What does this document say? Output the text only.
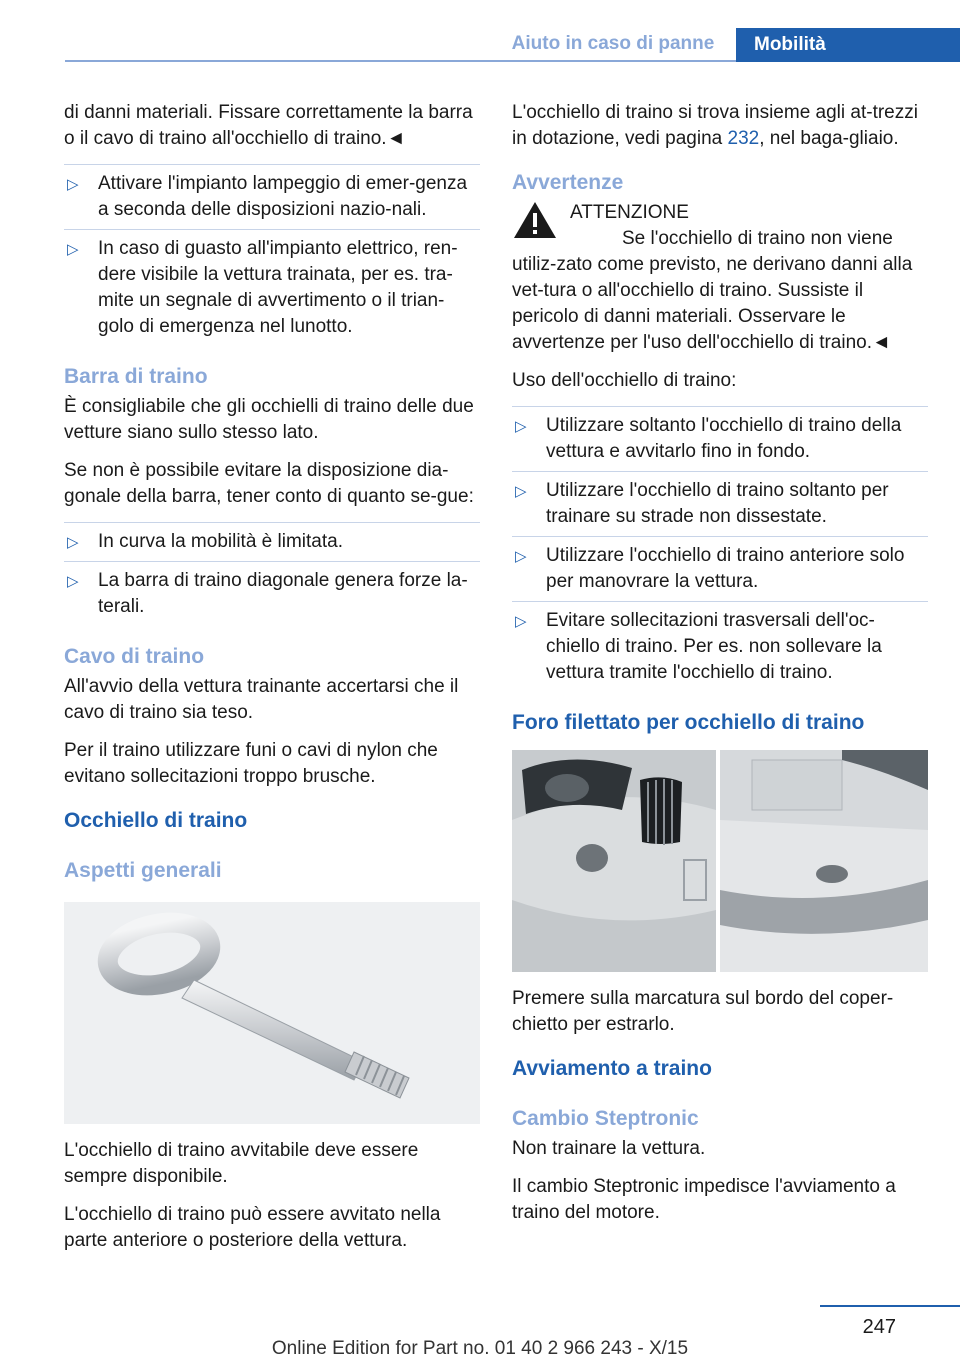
Aiuto in caso di panne	Mobilità

di danni materiali. Fissare correttamente la barra o il cavo di traino all'occhiello di traino.◄

▷ Attivare l'impianto lampeggio di emer-genza a seconda delle disposizioni nazio-nali.
▷ In caso di guasto all'impianto elettrico, ren-dere visibile la vettura trainata, per es. tra-mite un segnale di avvertimento o il trian-golo di emergenza nel lunotto.
Barra di traino

È consigliabile che gli occhielli di traino delle due vetture siano sullo stesso lato.

Se non è possibile evitare la disposizione dia-gonale della barra, tener conto di quanto se-gue:

▷ In curva la mobilità è limitata.
▷ La barra di traino diagonale genera forze la-terali.
Cavo di traino

All'avvio della vettura trainante accertarsi che il cavo di traino sia teso.

Per il traino utilizzare funi o cavi di nylon che evitano sollecitazioni troppo brusche.

Occhiello di traino
Aspetti generali

L'occhiello di traino avvitabile deve essere sempre disponibile.

L'occhiello di traino può essere avvitato nella parte anteriore o posteriore della vettura.

L'occhiello di traino si trova insieme agli at-trezzi in dotazione, vedi pagina 232, nel baga-gliaio.

Avvertenze
ATTENZIONE

Se l'occhiello di traino non viene utiliz-zato come previsto, ne derivano danni alla vet-tura o all'occhiello di traino. Sussiste il pericolo di danni materiali. Osservare le avvertenze per l'uso dell'occhiello di traino.◄

Uso dell'occhiello di traino:

▷ Utilizzare soltanto l'occhiello di traino della vettura e avvitarlo fino in fondo.
▷ Utilizzare l'occhiello di traino soltanto per trainare su strade non dissestate.
▷ Utilizzare l'occhiello di traino anteriore solo per manovrare la vettura.
▷ Evitare sollecitazioni trasversali dell'oc-chiello di traino. Per es. non sollevare la vettura tramite l'occhiello di traino.
Foro filettato per occhiello di traino

Premere sulla marcatura sul bordo del coper-chietto per estrarlo.

Avviamento a traino
Cambio Steptronic

Non trainare la vettura.

Il cambio Steptronic impedisce l'avviamento a traino del motore.

247
Online Edition for Part no. 01 40 2 966 243 - X/15
